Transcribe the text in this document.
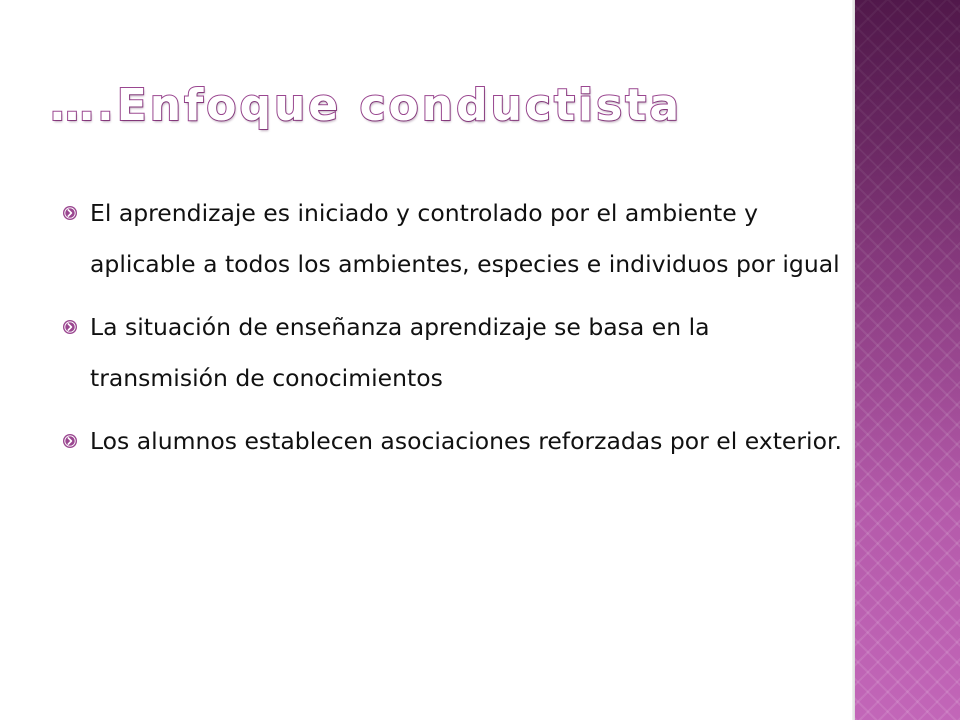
….Enfoque conductista
El aprendizaje es iniciado y controlado por el ambiente y aplicable a todos los ambientes, especies e individuos por igual
La situación de enseñanza aprendizaje se basa en la transmisión de conocimientos
Los alumnos establecen asociaciones reforzadas por el exterior.
